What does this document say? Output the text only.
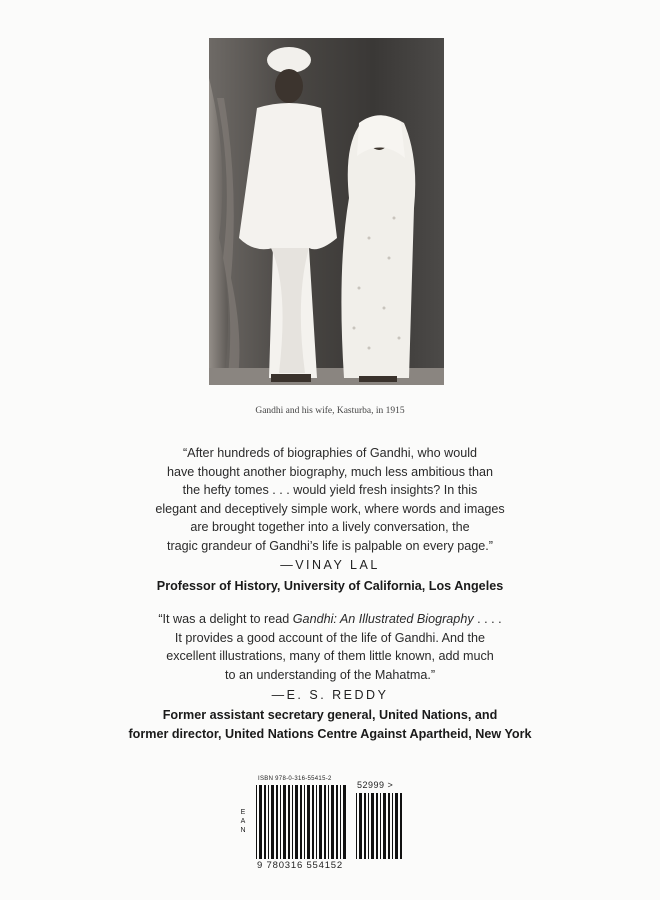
Gandhi and his wife, Kasturba, in 1915

“After hundreds of biographies of Gandhi, who would

have thought another biography, much less ambitious than

the hefty tomes . . . would yield fresh insights? In this

elegant and deceptively simple work, where words and images

are brought together into a lively conversation, the

tragic grandeur of Gandhi’s life is palpable on every page.”

—VINAY LAL
Professor of History, University of California, Los Angeles

“It was a delight to read Gandhi: An Illustrated Biography . . . .

It provides a good account of the life of Gandhi. And the

excellent illustrations, many of them little known, add much

to an understanding of the Mahatma.”

—E. S. REDDY
Former assistant secretary general, United Nations, and
former director, United Nations Centre Against Apartheid, New York
ISBN 978-0-316-55415-2
52999 >
E
A
N
9 780316 554152
